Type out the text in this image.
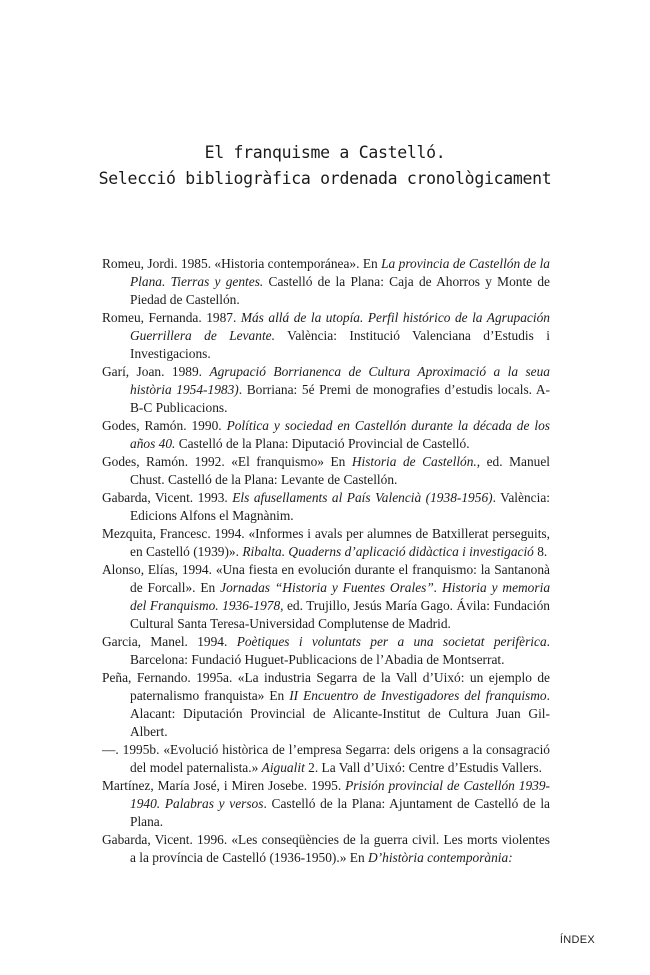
El franquisme a Castelló.
Selecció bibliogràfica ordenada cronològicament

Romeu, Jordi. 1985. «Historia contemporánea». En La provincia de Castellón de la Plana. Tierras y gentes. Castelló de la Plana: Caja de Ahorros y Monte de Piedad de Castellón.

Romeu, Fernanda. 1987. Más allá de la utopía. Perfil histórico de la Agrupación Guerrillera de Levante. València: Institució Valenciana d’Estudis i Investigacions.

Garí, Joan. 1989. Agrupació Borrianenca de Cultura Aproximació a la seua història 1954-1983). Borriana: 5é Premi de monografies d’estudis locals. A-B-C Publicacions.

Godes, Ramón. 1990. Política y sociedad en Castellón durante la década de los años 40. Castelló de la Plana: Diputació Provincial de Castelló.

Godes, Ramón. 1992. «El franquismo» En Historia de Castellón., ed. Manuel Chust. Castelló de la Plana: Levante de Castellón.

Gabarda, Vicent. 1993. Els afusellaments al País Valencià (1938-1956). València: Edicions Alfons el Magnànim.

Mezquita, Francesc. 1994. «Informes i avals per alumnes de Batxillerat perseguits, en Castelló (1939)». Ribalta. Quaderns d’aplicació didàctica i investigació 8.

Alonso, Elías, 1994. «Una fiesta en evolución durante el franquismo: la Santanonà de Forcall». En Jornadas “Historia y Fuentes Orales”. Historia y memoria del Franquismo. 1936-1978, ed. Trujillo, Jesús María Gago. Ávila: Fundación Cultural Santa Teresa-Universidad Complutense de Madrid.

Garcia, Manel. 1994. Poètiques i voluntats per a una societat perifèrica. Barcelona: Fundació Huguet-Publicacions de l’Abadia de Montserrat.

Peña, Fernando. 1995a. «La industria Segarra de la Vall d’Uixó: un ejemplo de paternalismo franquista» En II Encuentro de Investigadores del franquismo. Alacant: Diputación Provincial de Alicante-Institut de Cultura Juan Gil-Albert.

—. 1995b. «Evolució històrica de l’empresa Segarra: dels origens a la consagració del model paternalista.» Aigualit 2. La Vall d’Uixó: Centre d’Estudis Vallers.

Martínez, María José, i Miren Josebe. 1995. Prisión provincial de Castellón 1939-1940. Palabras y versos. Castelló de la Plana: Ajuntament de Castelló de la Plana.

Gabarda, Vicent. 1996. «Les conseqüències de la guerra civil. Les morts violentes a la província de Castelló (1936-1950).» En D’història contemporània:

ÍNDEX
